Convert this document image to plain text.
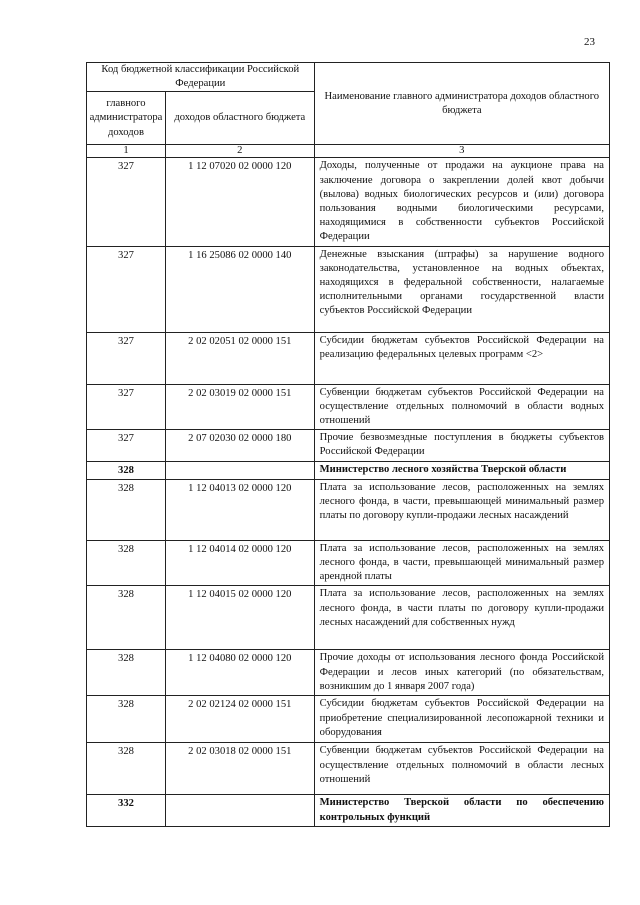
23
Код бюджетной классификации Российской Федерации		Наименование главного администратора доходов областного бюджета
главного администратора доходов	доходов областного бюджета	
1	2	3
327	1 12 07020 02 0000 120	Доходы, полученные от продажи на аукционе права на заключение договора о закреплении долей квот добычи (вылова) водных биологических ресурсов и (или) договора пользования водными биологическими ресурсами, находящимися в собственности субъектов Российской Федерации
327	1 16 25086 02 0000 140	Денежные взыскания (штрафы) за нарушение водного законодательства, установленное на водных объектах, находящихся в федеральной собственности, налагаемые исполнительными органами государственной власти субъектов Российской Федерации
327	2 02 02051 02 0000 151	Субсидии бюджетам субъектов Российской Федерации на реализацию федеральных целевых программ <2>
327	2 02 03019 02 0000 151	Субвенции бюджетам субъектов Российской Федерации на осуществление отдельных полномочий в области водных отношений
327	2 07 02030 02 0000 180	Прочие безвозмездные поступления в бюджеты субъектов Российской Федерации
328		Министерство лесного хозяйства Тверской области
328	1 12 04013 02 0000 120	Плата за использование лесов, расположенных на землях лесного фонда, в части, превышающей минимальный размер платы по договору купли-продажи лесных насаждений
328	1 12 04014 02 0000 120	Плата за использование лесов, расположенных на землях лесного фонда, в части, превышающей минимальный размер арендной платы
328	1 12 04015 02 0000 120	Плата за использование лесов, расположенных на землях лесного фонда, в части платы по договору купли-продажи лесных насаждений для собственных нужд
328	1 12 04080 02 0000 120	Прочие доходы от использования лесного фонда Российской Федерации и лесов иных категорий (по обязательствам, возникшим до 1 января 2007 года)
328	2 02 02124 02 0000 151	Субсидии бюджетам субъектов Российской Федерации на приобретение специализированной лесопожарной техники и оборудования
328	2 02 03018 02 0000 151	Субвенции бюджетам субъектов Российской Федерации на осуществление отдельных полномочий в области лесных отношений
332		Министерство Тверской области по обеспечению контрольных функций
